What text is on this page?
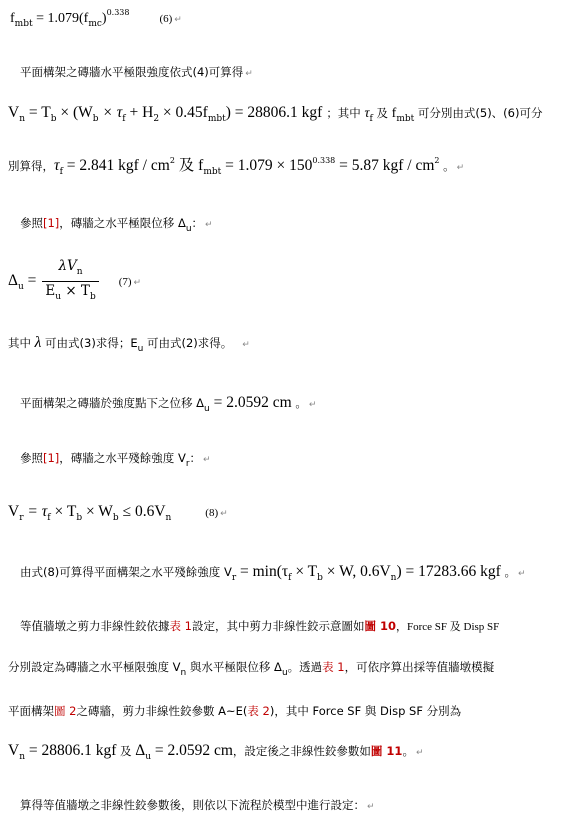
$f_{mbt} = 1.079(f_{mc})^{0.338}$ (6) ↵
平面構架之磚牆水平極限強度依式(4)可算得 ↵
$V_n = T_b \times (W_b \times \tau_f + H_2 \times 0.45f_{mbt}) = 28806.1$ kgf ；其中 $\tau_f$ 及 $f_{mbt}$ 可分別由式(5)、(6)可分
別算得，$\tau_f = 2.841$ kgf / $cm^2$ 及 $f_{mbt} = 1.079 \times 150^{0.338} = 5.87$ kgf / $cm^2$ 。 ↵
參照[1]，磚牆之水平極限位移 $\Delta_u$： ↵
$\Delta_u = \frac{\lambda V_n}{E_u \times T_b} (7)$ ↵
其中 λ 可由式(3)求得；$E_u$ 可由式(2)求得。 ↵
平面構架之磚牆於強度點下之位移 $\Delta_u = 2.0592$ cm 。 ↵
參照[1]，磚牆之水平殘餘強度 $V_r$： ↵
$V_r = \tau_f \times T_b \times W_b \le 0.6V_n$	(8) ↵
由式(8)可算得平面構架之水平殘餘強度 $V_r = \min(\tau_f \times T_b \times W$, $0.6V_n) = 17283.66$ kgf 。 ↵
等值牆墩之剪力非線性鉸依據表 1設定，其中剪力非線性鉸示意圖如圖 10，Force SF 及 Disp SF
分別設定為磚牆之水平極限強度 $V_n$ 與水平極限位移 $\Delta_u$。透過表 1，可依序算出採等值牆墩模擬
平面構架圖 2之磚牆，剪力非線性鉸參數 A~E(表 2)，其中 Force SF 與 Disp SF 分別為
$V_n = 28806.1$ kgf 及 $\Delta_u = 2.0592$ cm，設定後之非線性鉸參數如圖 11。 ↵
算得等值牆墩之非線性鉸參數後，則依以下流程於模型中進行設定： ↵
